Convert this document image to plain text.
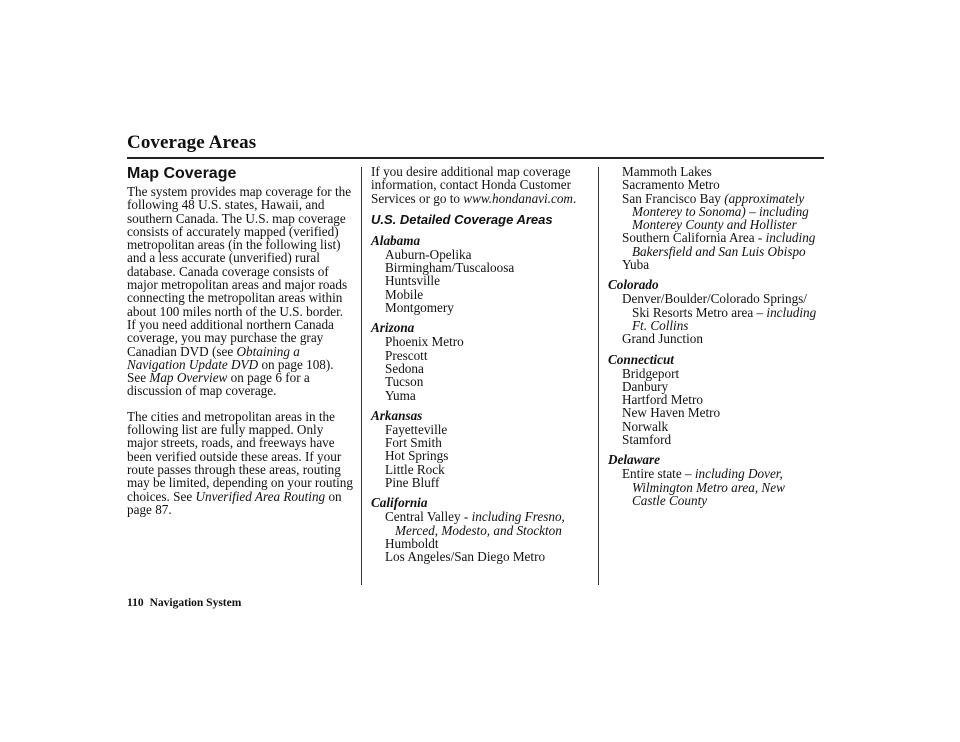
Coverage Areas
Map Coverage

The system provides map coverage for the following 48 U.S. states, Hawaii, and southern Canada. The U.S. map coverage consists of accurately mapped (verified) metropolitan areas (in the following list) and a less accurate (unverified) rural database. Canada coverage consists of major metropolitan areas and major roads connecting the metropolitan areas within about 100 miles north of the U.S. border. If you need additional northern Canada coverage, you may purchase the gray Canadian DVD (see Obtaining a Navigation Update DVD on page 108). See Map Overview on page 6 for a discussion of map coverage.

The cities and metropolitan areas in the following list are fully mapped. Only major streets, roads, and freeways have been verified outside these areas. If your route passes through these areas, routing may be limited, depending on your routing choices. See Unverified Area Routing on page 87.

If you desire additional map coverage information, contact Honda Customer Services or go to www.hondanavi.com.

U.S. Detailed Coverage Areas
Alabama
Auburn-Opelika
Birmingham/Tuscaloosa
Huntsville
Mobile
Montgomery
Arizona
Phoenix Metro
Prescott
Sedona
Tucson
Yuma
Arkansas
Fayetteville
Fort Smith
Hot Springs
Little Rock
Pine Bluff
California
Central Valley - including Fresno,
Merced, Modesto, and Stockton
Humboldt
Los Angeles/San Diego Metro
Mammoth Lakes
Sacramento Metro
San Francisco Bay (approximately
Monterey to Sonoma) – including
Monterey County and Hollister
Southern California Area - including
Bakersfield and San Luis Obispo
Yuba
Colorado
Denver/Boulder/Colorado Springs/
Ski Resorts Metro area – including
Ft. Collins
Grand Junction
Connecticut
Bridgeport
Danbury
Hartford Metro
New Haven Metro
Norwalk
Stamford
Delaware
Entire state – including Dover,
Wilmington Metro area, New
Castle County
110 Navigation System
